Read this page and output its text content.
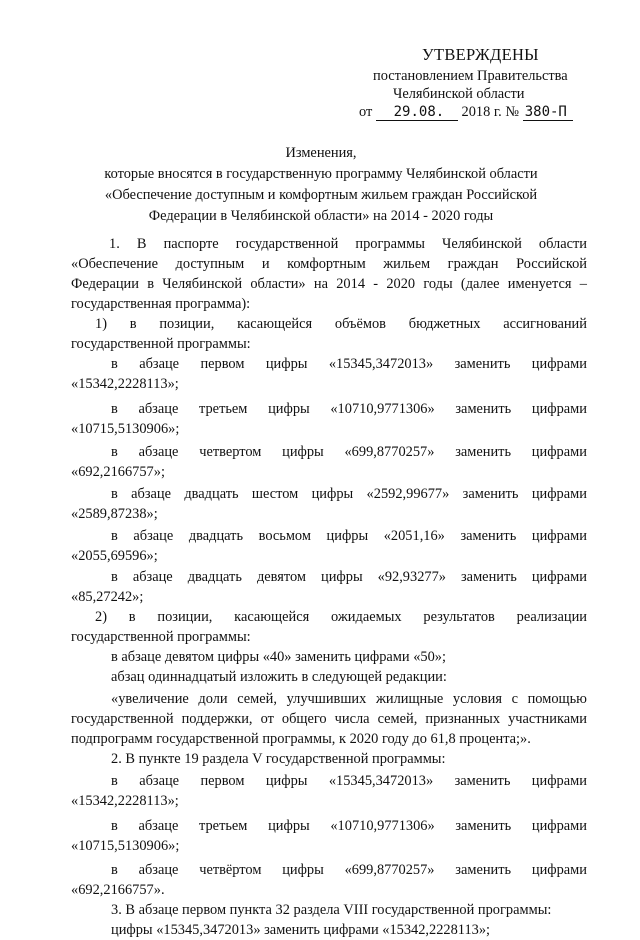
УТВЕРЖДЕНЫ
постановлением Правительства
Челябинской области
от 29.08. 2018 г. № 380-П
Изменения,
которые вносятся в государственную программу Челябинской области
«Обеспечение доступным и комфортным жильем граждан Российской
Федерации в Челябинской области» на 2014 - 2020 годы
1. В паспорте государственной программы Челябинской области
«Обеспечение доступным и комфортным жильем граждан Российской
Федерации в Челябинской области» на 2014 - 2020 годы (далее именуется –
государственная программа):
1) в позиции, касающейся объёмов бюджетных ассигнований
государственной программы:
в абзаце первом цифры «15345,3472013» заменить цифрами
«15342,2228113»;
в абзаце третьем цифры «10710,9771306» заменить цифрами
«10715,5130906»;
в абзаце четвертом цифры «699,8770257» заменить цифрами
«692,2166757»;
в абзаце двадцать шестом цифры «2592,99677» заменить цифрами
«2589,87238»;
в абзаце двадцать восьмом цифры «2051,16» заменить цифрами
«2055,69596»;
в абзаце двадцать девятом цифры «92,93277» заменить цифрами
«85,27242»;
2) в позиции, касающейся ожидаемых результатов реализации
государственной программы:
в абзаце девятом цифры «40» заменить цифрами «50»;
абзац одиннадцатый изложить в следующей редакции:
«увеличение доли семей, улучшивших жилищные условия с помощью
государственной поддержки, от общего числа семей, признанных участниками
подпрограмм государственной программы, к 2020 году до 61,8 процента;».
2. В пункте 19 раздела V государственной программы:
в абзаце первом цифры «15345,3472013» заменить цифрами
«15342,2228113»;
в абзаце третьем цифры «10710,9771306» заменить цифрами
«10715,5130906»;
в абзаце четвёртом цифры «699,8770257» заменить цифрами
«692,2166757».
3. В абзаце первом пункта 32 раздела VIII государственной программы:
цифры «15345,3472013» заменить цифрами «15342,2228113»;
